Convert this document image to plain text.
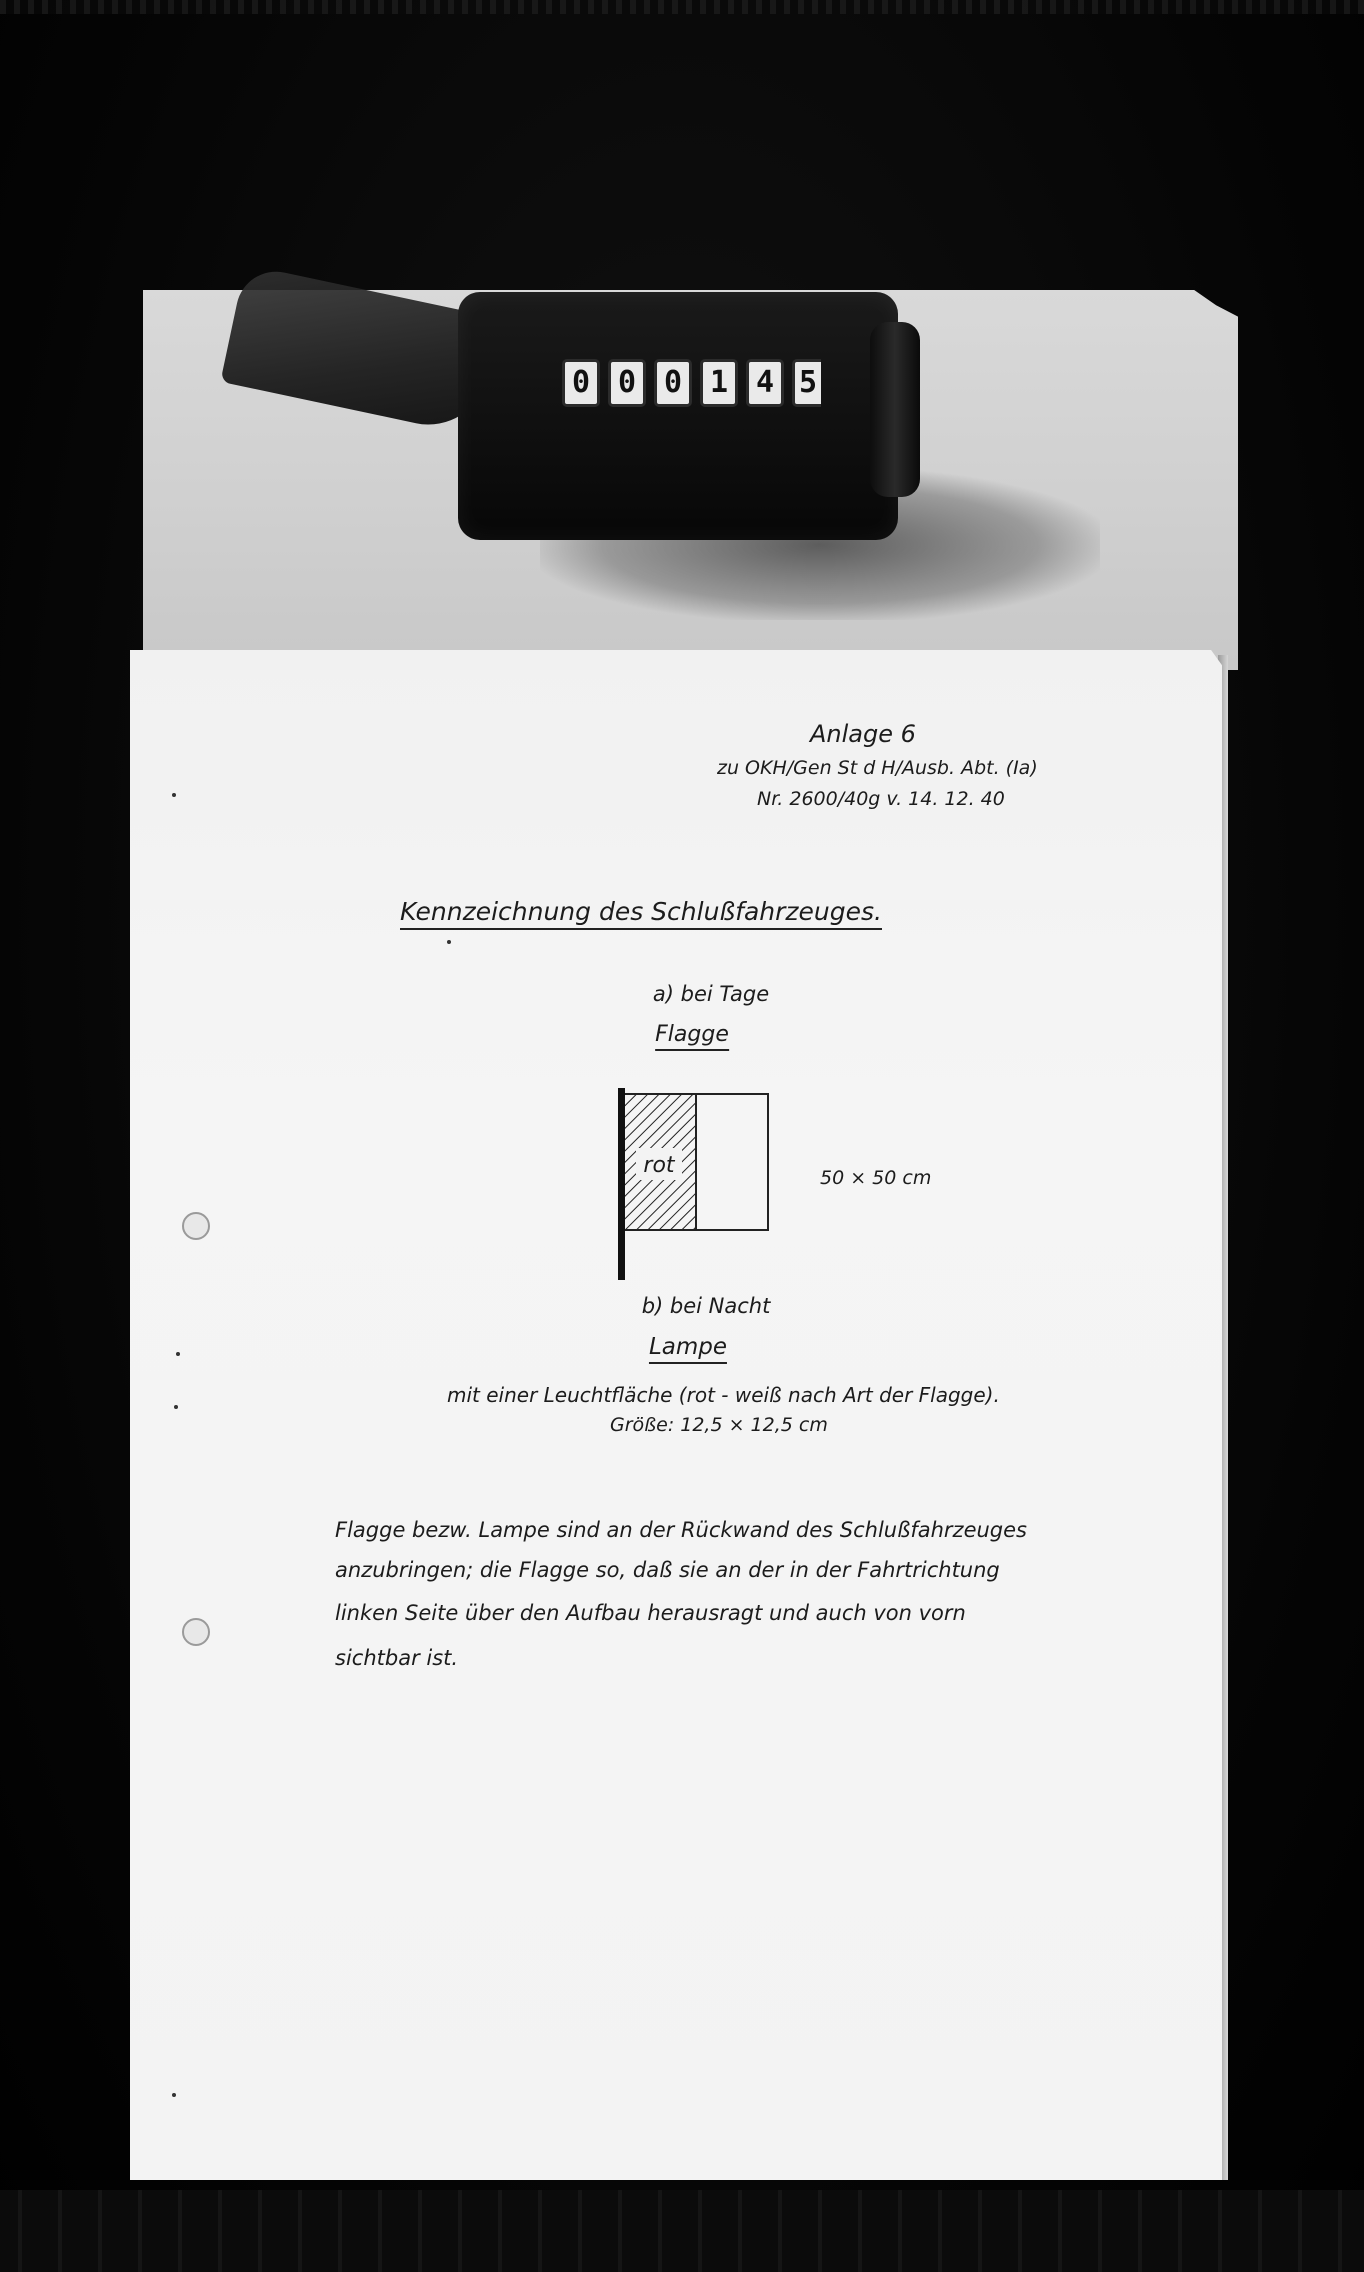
0 0 0 1 4 5
Anlage 6
zu OKH/Gen St d H/Ausb. Abt. (Ia)
Nr. 2600/40g v. 14. 12. 40
Kennzeichnung des Schlußfahrzeuges.
a) bei Tage
Flagge
rot	50 × 50 cm
b) bei Nacht
Lampe
mit einer Leuchtfläche (rot - weiß nach Art der Flagge).
Größe: 12,5 × 12,5 cm
Flagge bezw. Lampe sind an der Rückwand des Schlußfahrzeuges
anzubringen; die Flagge so, daß sie an der in der Fahrtrichtung
linken Seite über den Aufbau herausragt und auch von vorn
sichtbar ist.
